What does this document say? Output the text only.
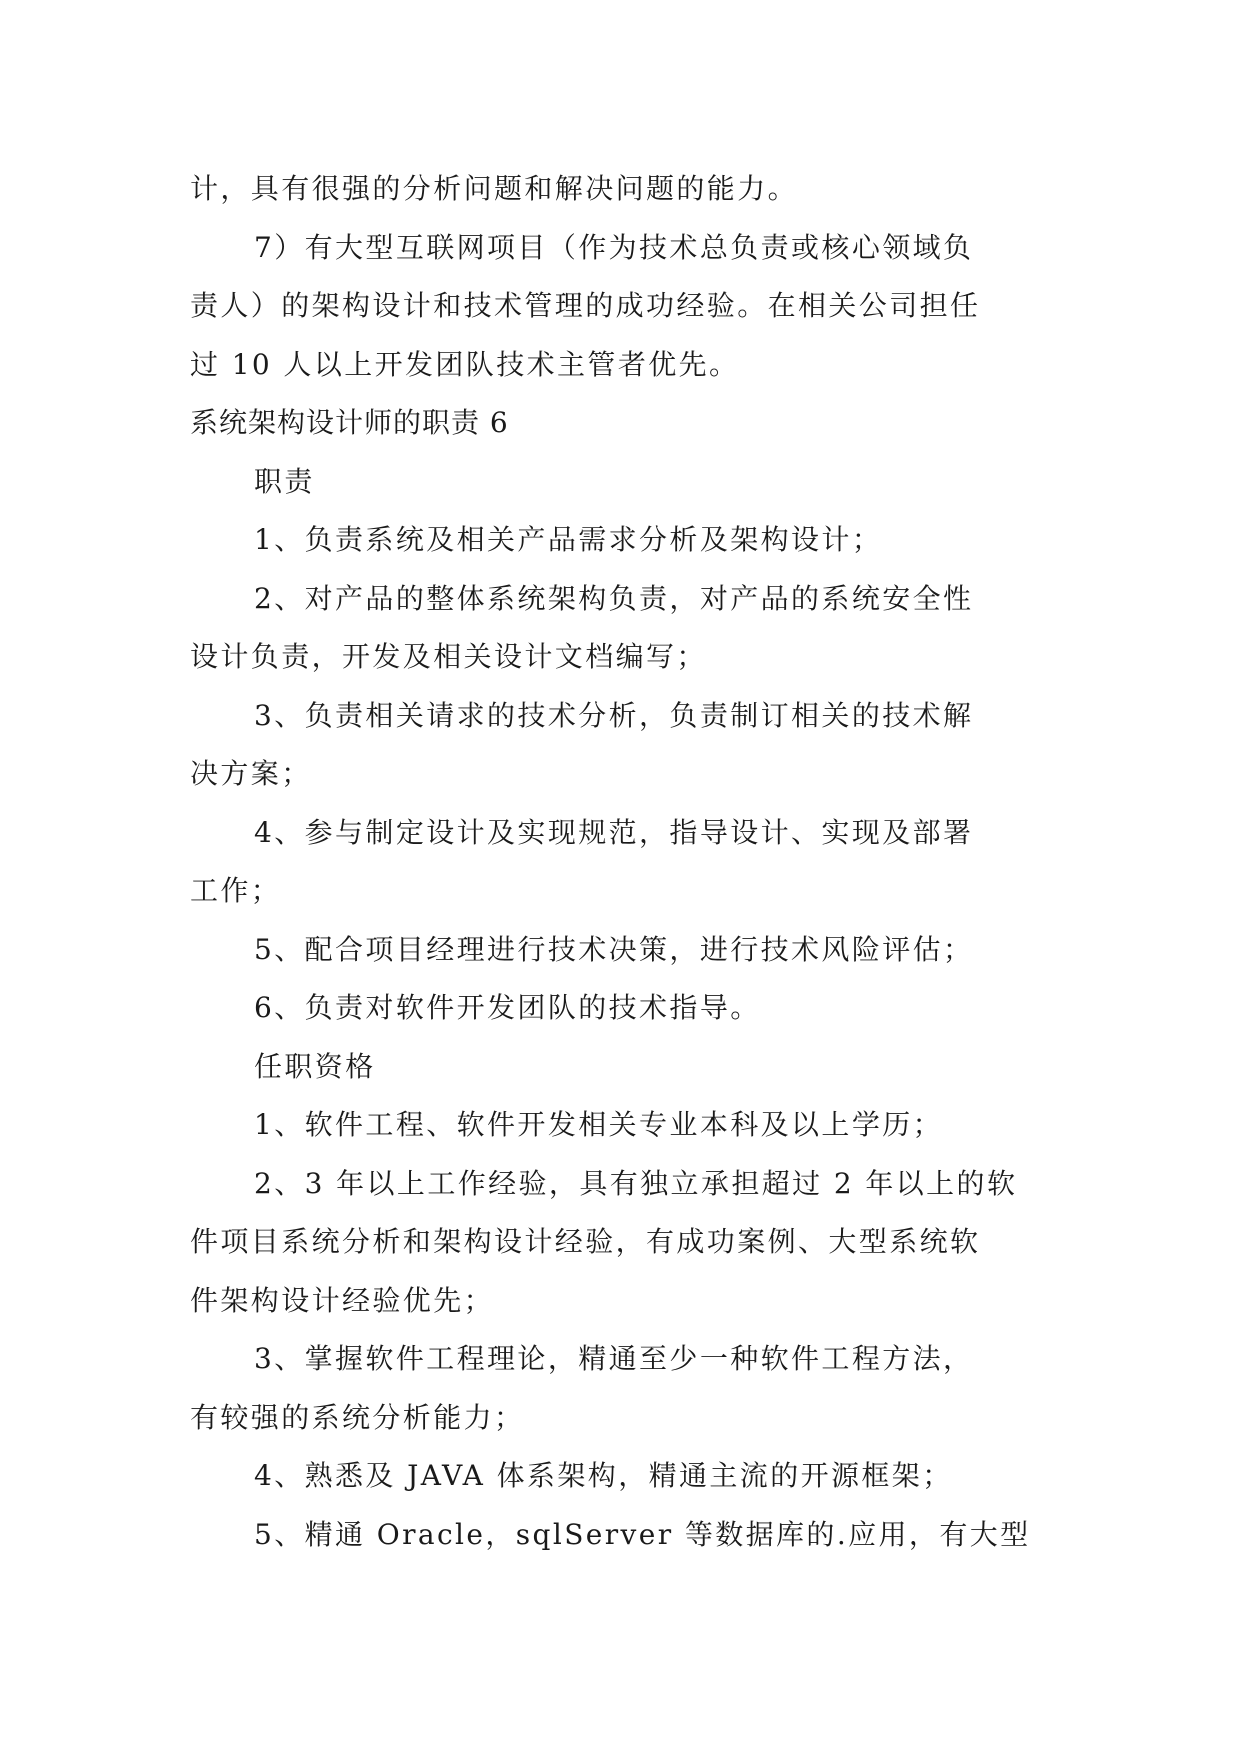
计，具有很强的分析问题和解决问题的能力。
7）有大型互联网项目（作为技术总负责或核心领域负
责人）的架构设计和技术管理的成功经验。在相关公司担任
过 10 人以上开发团队技术主管者优先。
系统架构设计师的职责 6
职责
1、负责系统及相关产品需求分析及架构设计；
2、对产品的整体系统架构负责，对产品的系统安全性
设计负责，开发及相关设计文档编写；
3、负责相关请求的技术分析，负责制订相关的技术解
决方案；
4、参与制定设计及实现规范，指导设计、实现及部署
工作；
5、配合项目经理进行技术决策，进行技术风险评估；
6、负责对软件开发团队的技术指导。
任职资格
1、软件工程、软件开发相关专业本科及以上学历；
2、3 年以上工作经验，具有独立承担超过 2 年以上的软
件项目系统分析和架构设计经验，有成功案例、大型系统软
件架构设计经验优先；
3、掌握软件工程理论，精通至少一种软件工程方法，
有较强的系统分析能力；
4、熟悉及 JAVA 体系架构，精通主流的开源框架；
5、精通 Oracle，sqlServer 等数据库的.应用，有大型
